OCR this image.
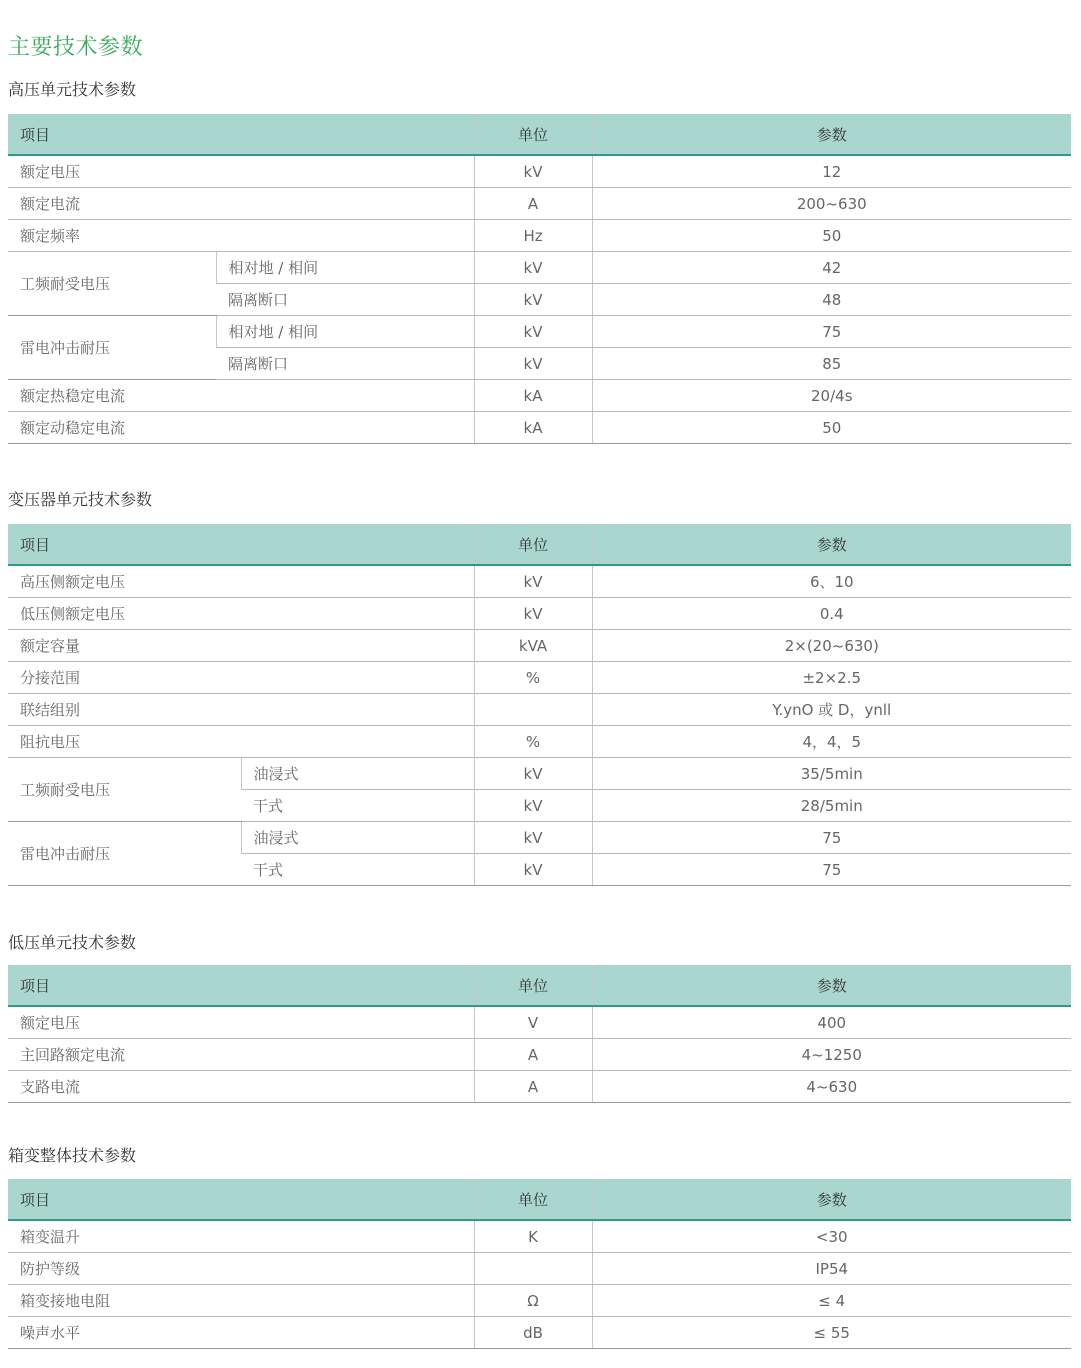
主要技术参数
高压单元技术参数
项目		单位	参数
额定电压		kV	12
额定电流		A	200~630
额定频率		Hz	50
工频耐受电压	相对地 / 相间	kV	42
	隔离断口	kV	48
雷电冲击耐压	相对地 / 相间	kV	75
	隔离断口	kV	85
额定热稳定电流		kA	20/4s
额定动稳定电流		kA	50
变压器单元技术参数
项目		单位	参数
高压侧额定电压		kV	6、10
低压侧额定电压		kV	0.4
额定容量		kVA	2×(20~630)
分接范围		%	±2×2.5
联结组别			Y.ynO 或 D，ynll
阻抗电压		%	4，4，5
工频耐受电压	油浸式	kV	35/5min
	干式	kV	28/5min
雷电冲击耐压	油浸式	kV	75
	干式	kV	75
低压单元技术参数
项目	单位	参数
额定电压	V	400
主回路额定电流	A	4~1250
支路电流	A	4~630
箱变整体技术参数
项目	单位	参数
箱变温升	K	<30
防护等级		IP54
箱变接地电阻	Ω	≤ 4
噪声水平	dB	≤ 55
